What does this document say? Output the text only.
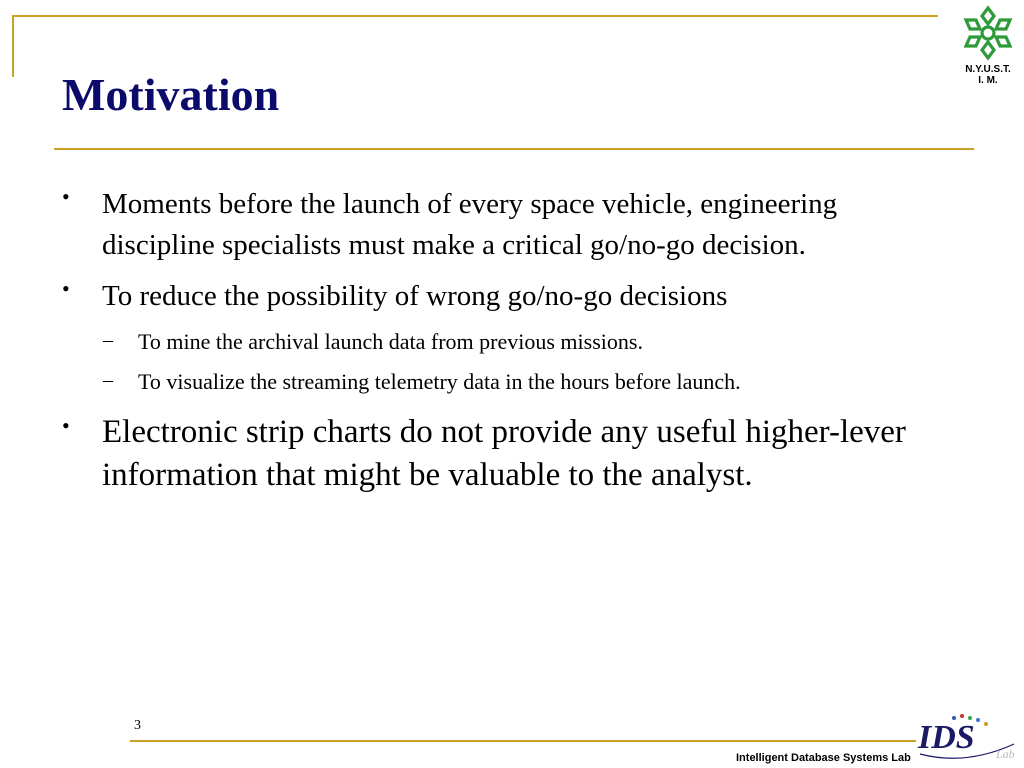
Motivation	N.Y.U.S.T.
I. M.
• Moments before the launch of every space vehicle, engineering discipline specialists must make a critical go/no-go decision.
• To reduce the possibility of wrong go/no-go decisions
– To mine the archival launch data from previous missions.
– To visualize the streaming telemetry data in the hours before launch.
• Electronic strip charts do not provide any useful higher-lever information that might be valuable to the analyst.
3
Intelligent Database Systems Lab
IDS Lab
